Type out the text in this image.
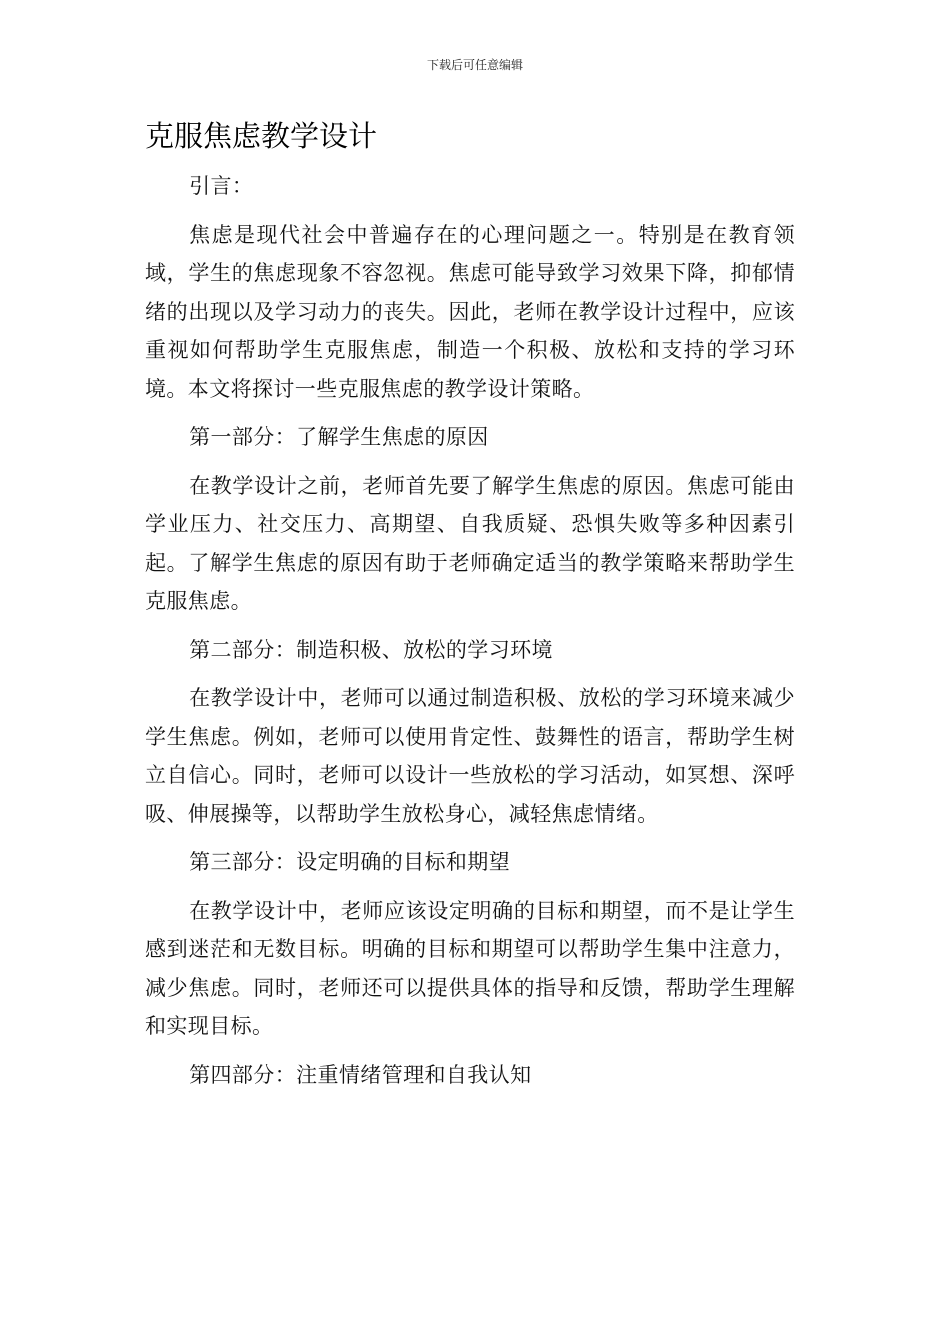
下载后可任意编辑
克服焦虑教学设计

引言：

焦虑是现代社会中普遍存在的心理问题之一。特别是在教育领域，学生的焦虑现象不容忽视。焦虑可能导致学习效果下降，抑郁情绪的出现以及学习动力的丧失。因此，老师在教学设计过程中，应该重视如何帮助学生克服焦虑，制造一个积极、放松和支持的学习环境。本文将探讨一些克服焦虑的教学设计策略。

第一部分：了解学生焦虑的原因

在教学设计之前，老师首先要了解学生焦虑的原因。焦虑可能由学业压力、社交压力、高期望、自我质疑、恐惧失败等多种因素引起。了解学生焦虑的原因有助于老师确定适当的教学策略来帮助学生克服焦虑。

第二部分：制造积极、放松的学习环境

在教学设计中，老师可以通过制造积极、放松的学习环境来减少学生焦虑。例如，老师可以使用肯定性、鼓舞性的语言，帮助学生树立自信心。同时，老师可以设计一些放松的学习活动，如冥想、深呼吸、伸展操等，以帮助学生放松身心，减轻焦虑情绪。

第三部分：设定明确的目标和期望

在教学设计中，老师应该设定明确的目标和期望，而不是让学生感到迷茫和无数目标。明确的目标和期望可以帮助学生集中注意力，减少焦虑。同时，老师还可以提供具体的指导和反馈，帮助学生理解和实现目标。

第四部分：注重情绪管理和自我认知
